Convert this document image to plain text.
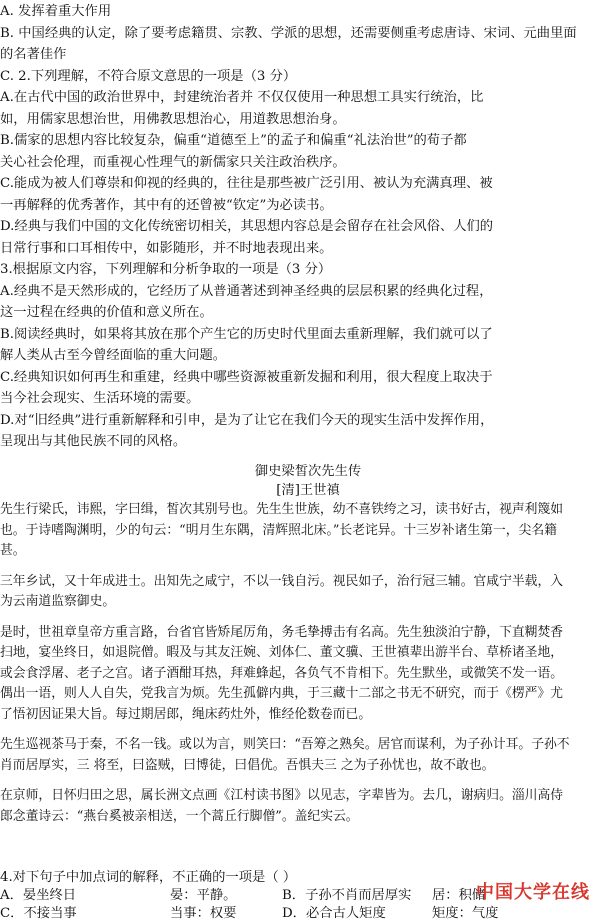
A. 发挥着重大作用
B. 中国经典的认定，除了要考虑籍贯、宗教、学派的思想，还需要侧重考虑唐诗、宋词、元曲里面
的名著佳作
C. 2.下列理解，不符合原文意思的一项是（3 分）
A.在古代中国的政治世界中，封建统治者并 不仅仅使用一种思想工具实行统治，比
如，用儒家思想治世，用佛教思想治心，用道教思想治身。
B.儒家的思想内容比较复杂，偏重“道德至上”的孟子和偏重“礼法治世”的荀子都
关心社会伦理，而重视心性理气的新儒家只关注政治秩序。
C.能成为被人们尊崇和仰视的经典的，往往是那些被广泛引用、被认为充满真理、被
一再解释的优秀著作，其中有的还曾被“钦定”为必读书。
D.经典与我们中国的文化传统密切相关，其思想内容总是会留存在社会风俗、人们的
日常行事和口耳相传中，如影随形，并不时地表现出来。
3.根据原文内容，下列理解和分析争取的一项是（3 分）
A.经典不是天然形成的，它经历了从普通著述到神圣经典的层层积累的经典化过程，
这一过程在经典的价值和意义所在。
B.阅读经典时，如果将其放在那个产生它的历史时代里面去重新理解，我们就可以了
解人类从古至今曾经面临的重大问题。
C.经典知识如何再生和重建，经典中哪些资源被重新发掘和利用，很大程度上取决于
当今社会现实、生活环境的需要。
D.对“旧经典”进行重新解释和引申，是为了让它在我们今天的现实生活中发挥作用，
呈现出与其他民族不同的风格。
先生行梁氏，讳熙，字曰缉，皙次其别号也。先生生世族，幼不喜铁绔之习，读书好古，视声利篾如
也。于诗嗜陶渊明，少的句云：“明月生东隅，清辉照北床。”长老诧异。十三岁补诸生第一，尖名籍
甚。
三年乡试，又十年成进士。出知先之咸宁，不以一钱自污。视民如子，治行冠三辅。官咸宁半载，入
为云南道监察御史。
是时，世祖章皇帝方重言路，台省官皆矫尾厉角，务毛挚搏击有名高。先生独淡泊宁静，下直糊焚香
扫地，宴坐终日，如退院僧。暇及与其友汪婉、刘体仁、董文骥、王世禛辈出游半台、草桥诸圣地，
或会食浮屠、老子之宫。诸子酒酣耳热，拜难蜂起，各负气不肯相下。先生默坐，或微笑不发一语。
偶出一语，则人人自失，党我言为烦。先生孤僻内典，于三藏十二部之书无不研究，而于《楞严》尤
了悟初因证果大旨。每过期居郎，绳床药灶外，惟经伦数卷而已。
先生巡视茶马于秦，不名一钱。或以为言，则笑曰：“吾筹之熟矣。居官而谋利，为子孙计耳。子孙不
肖而居厚实，三 将至，曰盗贼，曰博徒，曰倡优。吾惧夫三 之为子孙忧也，故不敢也。
在京师，日怀归田之思，属长洲文点画《江村读书图》以见志，字辈皆为。去几，谢病归。淄川高侍
郎念董诗云：“燕台奚被亲相送，一个蒿丘行脚僧”。盖纪实云。
御史梁皙次先生传
[清]王世禛
4.对下句子中加点词的解释，不正确的一项是（ ）
A．晏坐终日	晏：平静。	B．子孙不肖而居厚实 居：积储
C．不接当事	当事：权要	D．必合古人矩度	矩度：气度
中国大学在线
